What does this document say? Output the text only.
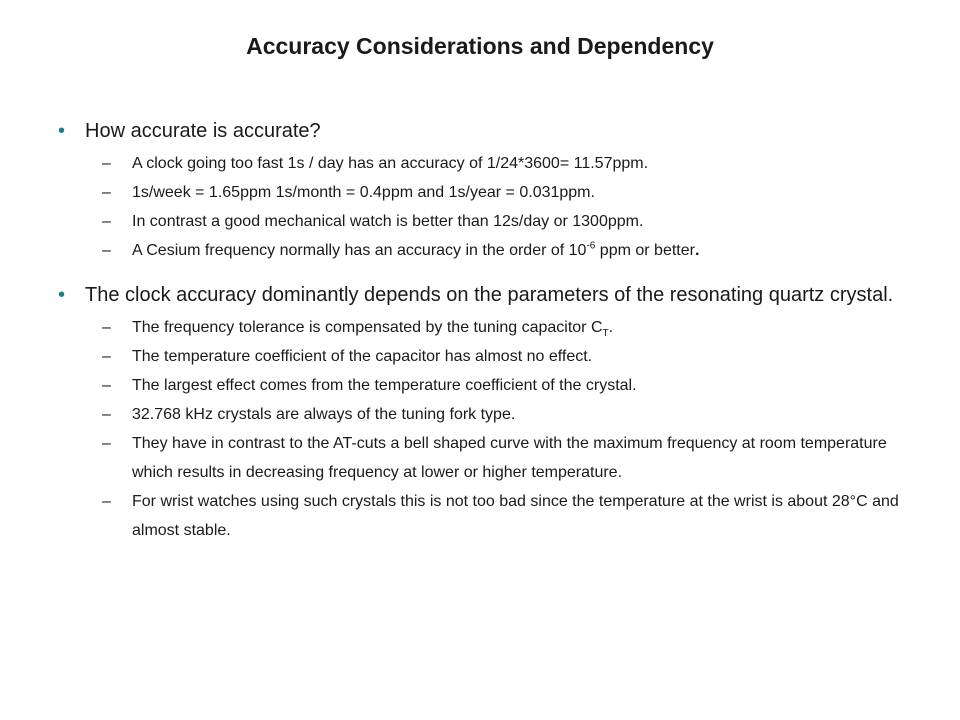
Accuracy Considerations and Dependency
• How accurate is accurate?
– A clock going too fast 1s / day has an accuracy of 1/24*3600= 11.57ppm.
– 1s/week = 1.65ppm 1s/month = 0.4ppm and 1s/year = 0.031ppm.
– In contrast a good mechanical watch is better than 12s/day or 1300ppm.
– A Cesium frequency normally has an accuracy in the order of $10^{-6}$ ppm or better.
• The clock accuracy dominantly depends on the parameters of the resonating quartz crystal.
– The frequency tolerance is compensated by the tuning capacitor $C_T$.
– The temperature coefficient of the capacitor has almost no effect.
– The largest effect comes from the temperature coefficient of the crystal.
– 32.768 kHz crystals are always of the tuning fork type.
– They have in contrast to the AT-cuts a bell shaped curve with the maximum frequency at room temperature which results in decreasing frequency at lower or higher temperature.
– For wrist watches using such crystals this is not too bad since the temperature at the wrist is about 28°C and almost stable.
